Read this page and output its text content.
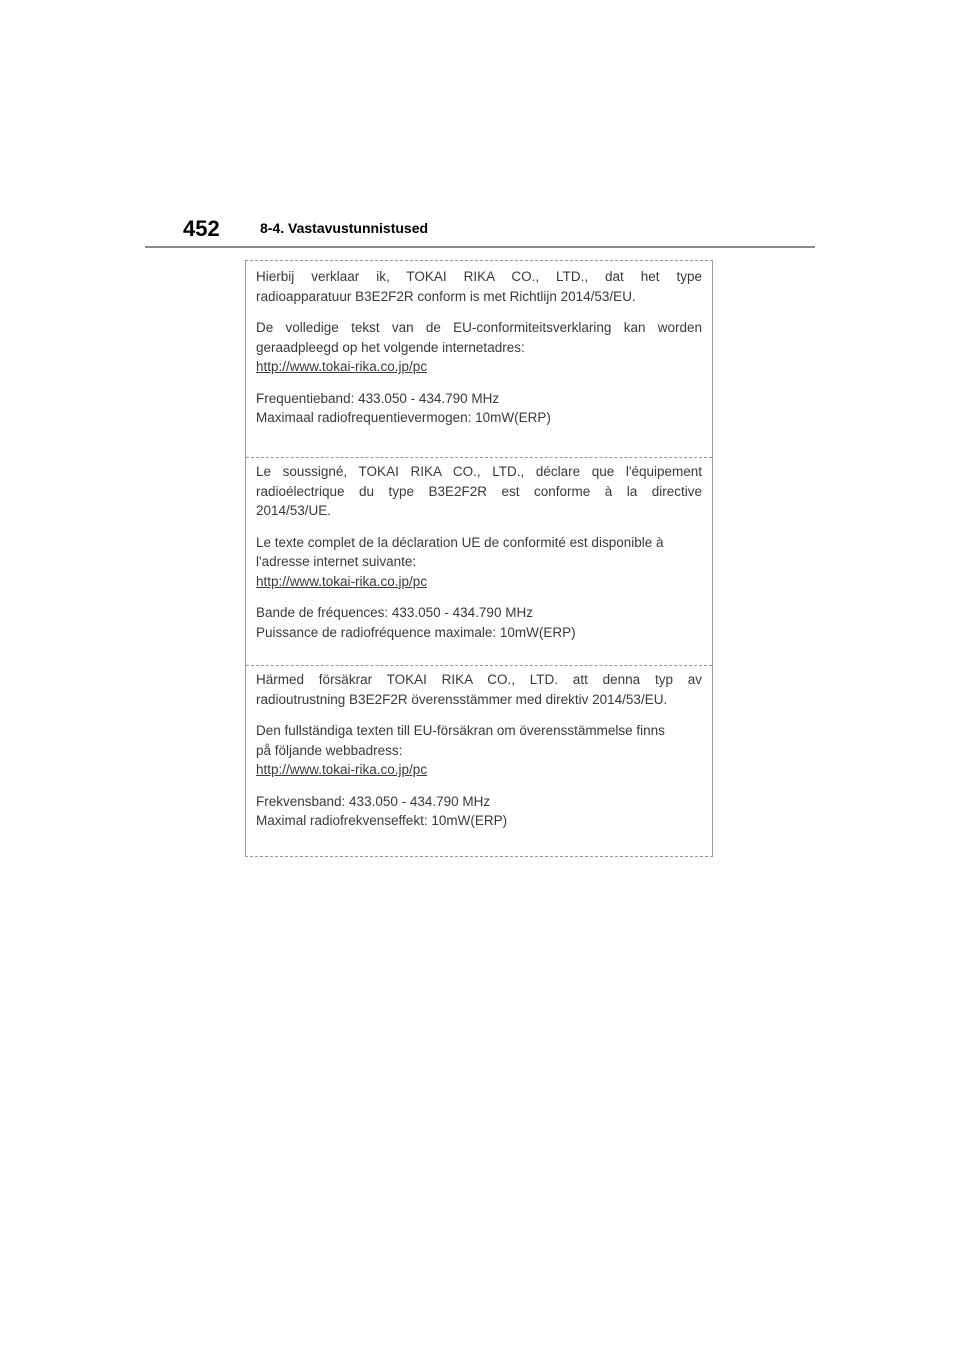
452	8-4. Vastavustunnistused

Hierbij verklaar ik, TOKAI RIKA CO., LTD., dat het type
radioapparatuur B3E2F2R conform is met Richtlijn 2014/53/EU.

De volledige tekst van de EU-conformiteitsverklaring kan worden
geraadpleegd op het volgende internetadres:
http://www.tokai-rika.co.jp/pc

Frequentieband: 433.050 - 434.790 MHz
Maximaal radiofrequentievermogen: 10mW(ERP)

Le soussigné, TOKAI RIKA CO., LTD., déclare que l'équipement
radioélectrique du type B3E2F2R est conforme à la directive
2014/53/UE.

Le texte complet de la déclaration UE de conformité est disponible à
l'adresse internet suivante:
http://www.tokai-rika.co.jp/pc

Bande de fréquences: 433.050 - 434.790 MHz
Puissance de radiofréquence maximale: 10mW(ERP)

Härmed försäkrar TOKAI RIKA CO., LTD. att denna typ av
radioutrustning B3E2F2R överensstämmer med direktiv 2014/53/EU.

Den fullständiga texten till EU-försäkran om överensstämmelse finns
på följande webbadress:
http://www.tokai-rika.co.jp/pc

Frekvensband: 433.050 - 434.790 MHz
Maximal radiofrekvenseffekt: 10mW(ERP)
